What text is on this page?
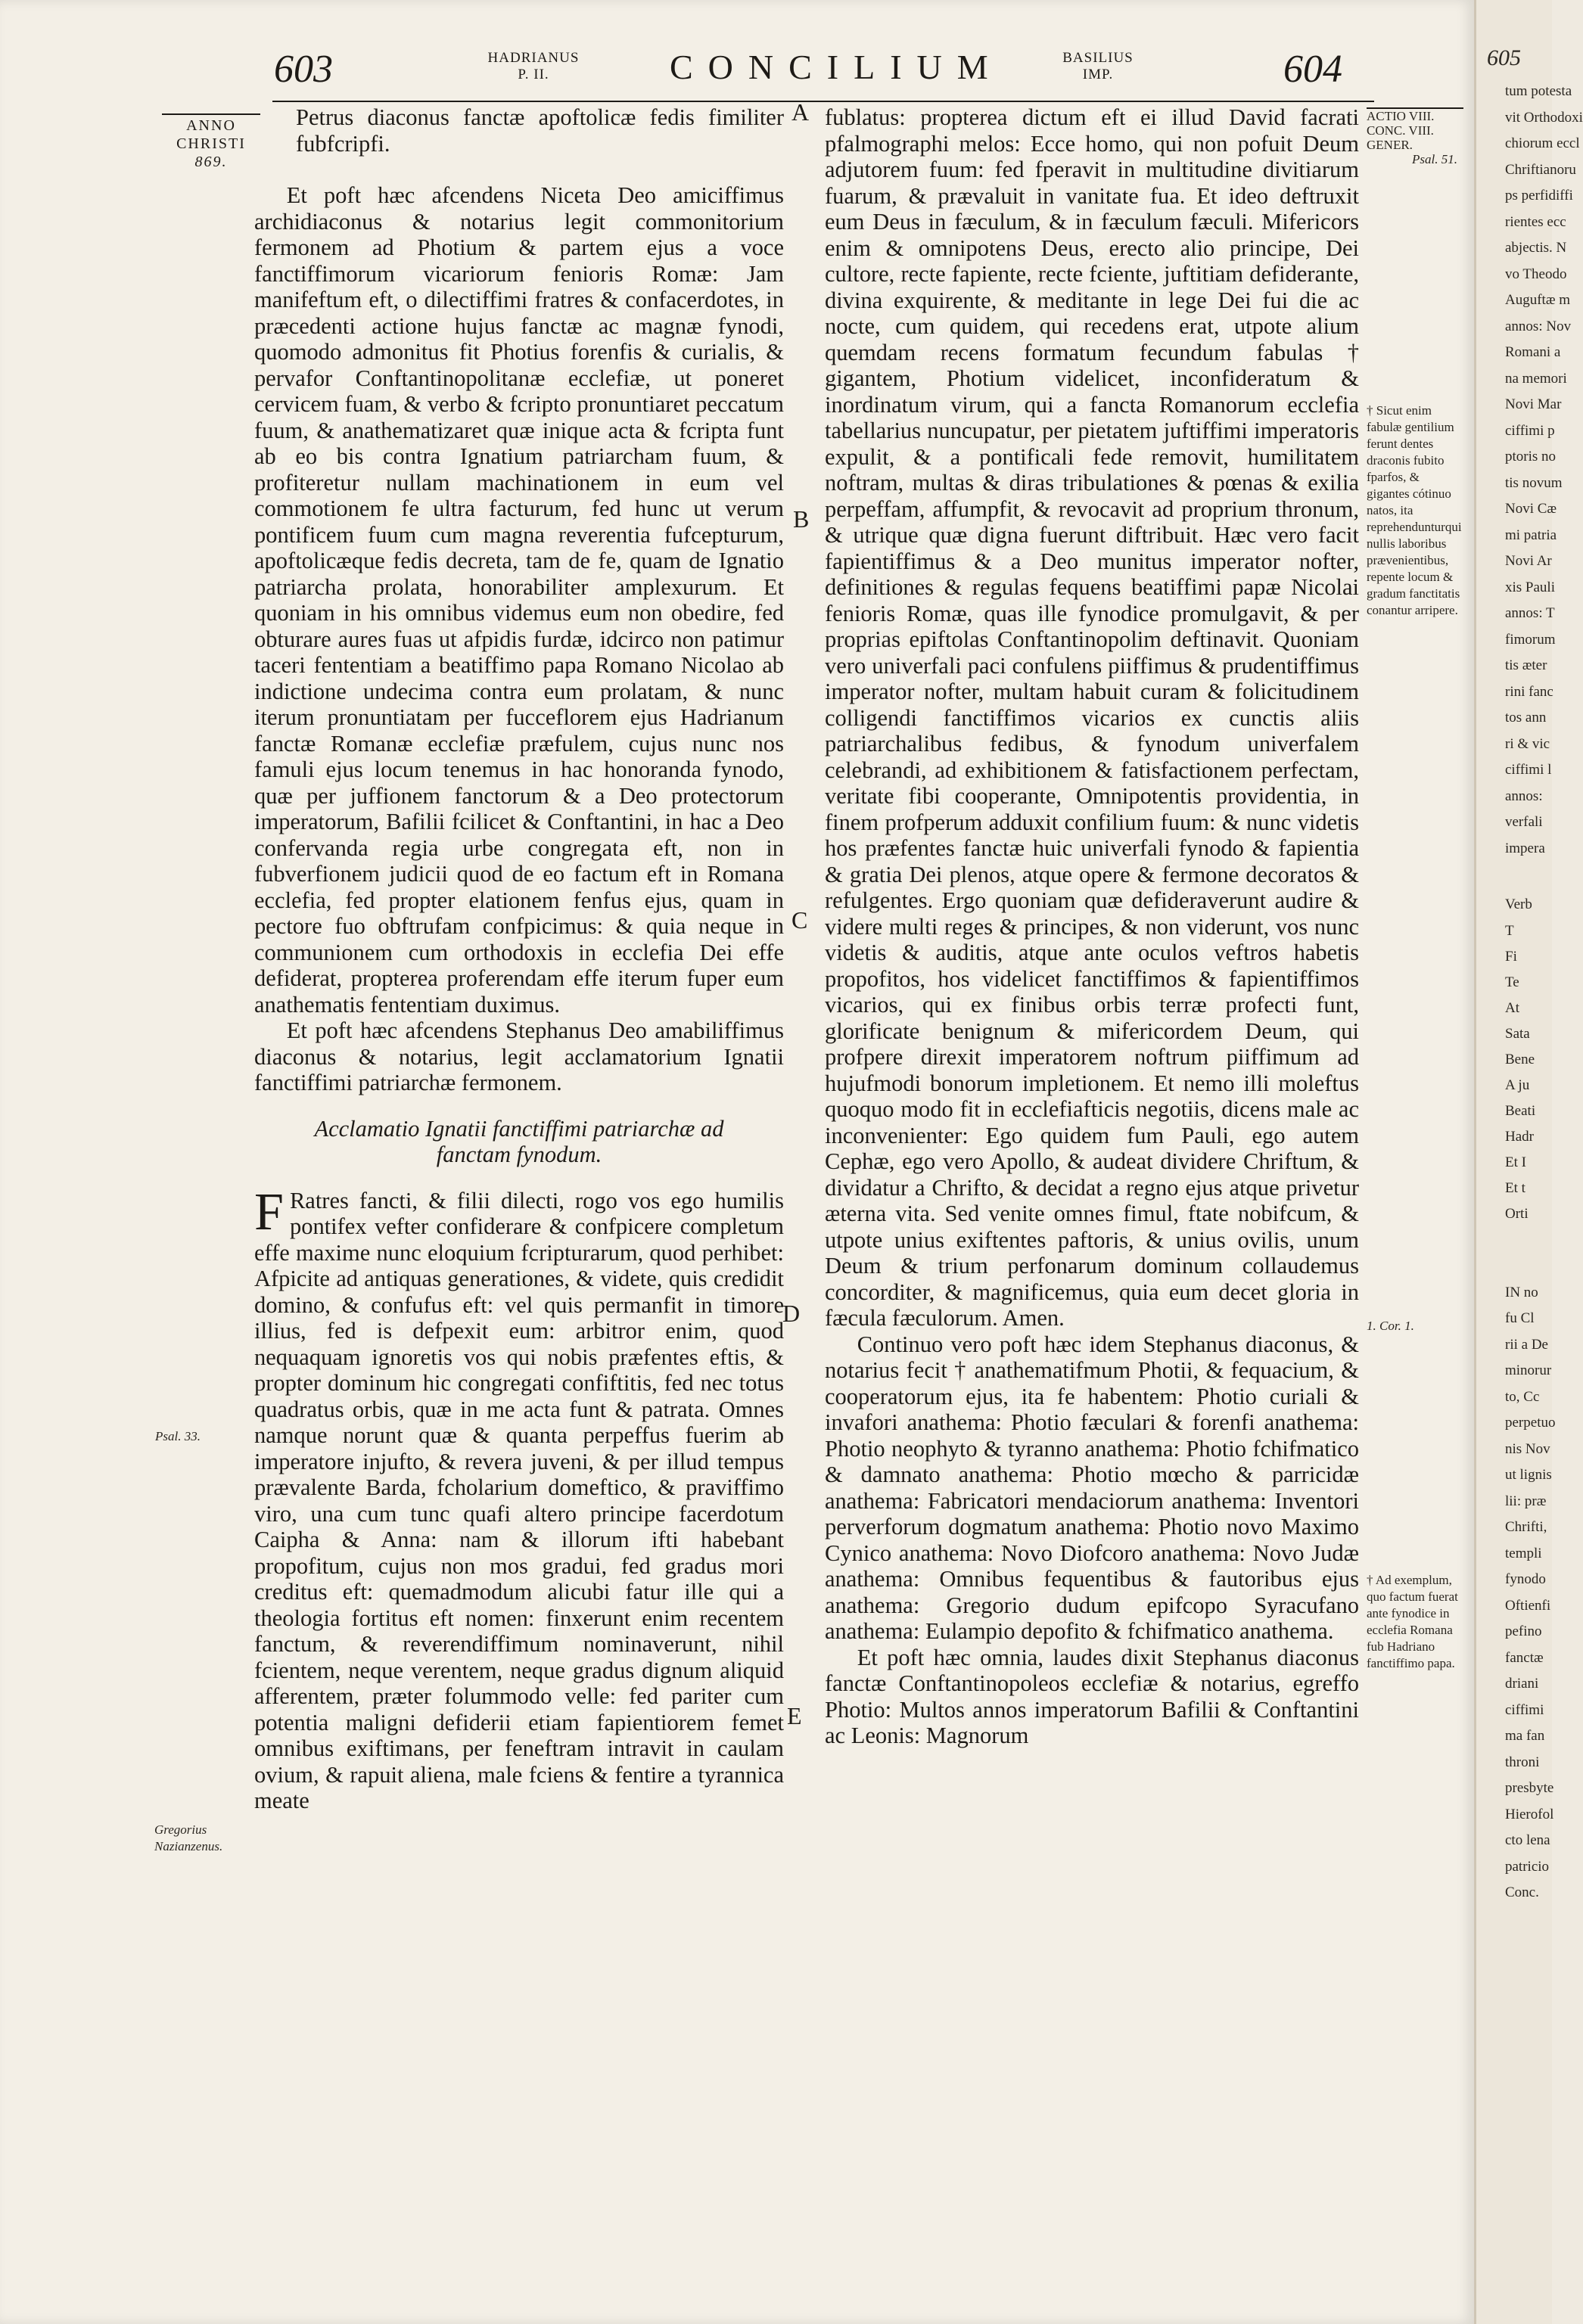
603	HADRIANUS
P. II.	CONCILIUM	BASILIUS
IMP.	604
ANNO
CHRISTI
869.
Psal. 33.
Gregorius Nazianzenus.

Petrus diaconus fanctæ apoftolicæ fedis fimiliter fubfcripfi.

Et poft hæc afcendens Niceta Deo amiciffimus archidiaconus & notarius legit commonitorium fermonem ad Photium & partem ejus a voce fanctiffimorum vicariorum fenioris Romæ: Jam manifeftum eft, o dilectiffimi fratres & confacerdotes, in præcedenti actione hujus fanctæ ac magnæ fynodi, quomodo admonitus fit Photius forenfis & curialis, & pervafor Conftantinopolitanæ ecclefiæ, ut poneret cervicem fuam, & verbo & fcripto pronuntiaret peccatum fuum, & anathematizaret quæ inique acta & fcripta funt ab eo bis contra Ignatium patriarcham fuum, & profiteretur nullam machinationem in eum vel commotionem fe ultra facturum, fed hunc ut verum pontificem fuum cum magna reverentia fufcepturum, apoftolicæque fedis decreta, tam de fe, quam de Ignatio patriarcha prolata, honorabiliter amplexurum. Et quoniam in his omnibus videmus eum non obedire, fed obturare aures fuas ut afpidis furdæ, idcirco non patimur taceri fententiam a beatiffimo papa Romano Nicolao ab indictione undecima contra eum prolatam, & nunc iterum pronuntiatam per fucceflorem ejus Hadrianum fanctæ Romanæ ecclefiæ præfulem, cujus nunc nos famuli ejus locum tenemus in hac honoranda fynodo, quæ per juffionem fanctorum & a Deo protectorum imperatorum, Bafilii fcilicet & Conftantini, in hac a Deo confervanda regia urbe congregata eft, non in fubverfionem judicii quod de eo factum eft in Romana ecclefia, fed propter elationem fenfus ejus, quam in pectore fuo obftrufam confpicimus: & quia neque in communionem cum orthodoxis in ecclefia Dei effe defiderat, propterea proferendam effe iterum fuper eum anathematis fententiam duximus.

Et poft hæc afcendens Stephanus Deo amabiliffimus diaconus & notarius, legit acclamatorium Ignatii fanctiffimi patriarchæ fermonem.

Acclamatio Ignatii fanctiffimi patriarchæ ad fanctam fynodum.

F Ratres fancti, & filii dilecti, rogo vos ego humilis pontifex vefter confiderare & confpicere completum effe maxime nunc eloquium fcripturarum, quod perhibet: Afpicite ad antiquas generationes, & videte, quis credidit domino, & confufus eft: vel quis permanfit in timore illius, fed is defpexit eum: arbitror enim, quod nequaquam ignoretis vos qui nobis præfentes eftis, & propter dominum hic congregati confiftitis, fed nec totus quadratus orbis, quæ in me acta funt & patrata. Omnes namque norunt quæ & quanta perpeffus fuerim ab imperatore injufto, & revera juveni, & per illud tempus prævalente Barda, fcholarium domeftico, & praviffimo viro, una cum tunc quafi altero principe facerdotum Caipha & Anna: nam & illorum ifti habebant propofitum, cujus non mos gradui, fed gradus mori creditus eft: quemadmodum alicubi fatur ille qui a theologia fortitus eft nomen: finxerunt enim recentem fanctum, & reverendiffimum nominaverunt, nihil fcientem, neque verentem, neque gradus dignum aliquid afferentem, præter folummodo velle: fed pariter cum potentia maligni defiderii etiam fapientiorem femet omnibus exiftimans, per feneftram intravit in caulam ovium, & rapuit aliena, male fciens & fentire a tyrannica meate

A
B
C
D
E

fublatus: propterea dictum eft ei illud David facrati pfalmographi melos: Ecce homo, qui non pofuit Deum adjutorem fuum: fed fperavit in multitudine divitiarum fuarum, & prævaluit in vanitate fua. Et ideo deftruxit eum Deus in fæculum, & in fæculum fæculi. Mifericors enim & omnipotens Deus, erecto alio principe, Dei cultore, recte fapiente, recte fciente, juftitiam defiderante, divina exquirente, & meditante in lege Dei fui die ac nocte, cum quidem, qui recedens erat, utpote alium quemdam recens formatum fecundum fabulas † gigantem, Photium videlicet, inconfideratum & inordinatum virum, qui a fancta Romanorum ecclefia tabellarius nuncupatur, per pietatem juftiffimi imperatoris expulit, & a pontificali fede removit, humilitatem noftram, multas & diras tribulationes & pœnas & exilia perpeffam, affumpfit, & revocavit ad proprium thronum, & utrique quæ digna fuerunt diftribuit. Hæc vero facit fapientiffimus & a Deo munitus imperator nofter, definitiones & regulas fequens beatiffimi papæ Nicolai fenioris Romæ, quas ille fynodice promulgavit, & per proprias epiftolas Conftantinopolim deftinavit. Quoniam vero univerfali paci confulens piiffimus & prudentiffimus imperator nofter, multam habuit curam & folicitudinem colligendi fanctiffimos vicarios ex cunctis aliis patriarchalibus fedibus, & fynodum univerfalem celebrandi, ad exhibitionem & fatisfactionem perfectam, veritate fibi cooperante, Omnipotentis providentia, in finem profperum adduxit confilium fuum: & nunc videtis hos præfentes fanctæ huic univerfali fynodo & fapientia & gratia Dei plenos, atque opere & fermone decoratos & refulgentes. Ergo quoniam quæ defideraverunt audire & videre multi reges & principes, & non viderunt, vos nunc videtis & auditis, atque ante oculos veftros habetis propofitos, hos videlicet fanctiffimos & fapientiffimos vicarios, qui ex finibus orbis terræ profecti funt, glorificate benignum & mifericordem Deum, qui profpere direxit imperatorem noftrum piiffimum ad hujufmodi bonorum impletionem. Et nemo illi moleftus quoquo modo fit in ecclefiafticis negotiis, dicens male ac inconvenienter: Ego quidem fum Pauli, ego autem Cephæ, ego vero Apollo, & audeat dividere Chriftum, & dividatur a Chrifto, & decidat a regno ejus atque privetur æterna vita. Sed venite omnes fimul, ftate nobifcum, & utpote unius exiftentes paftoris, & unius ovilis, unum Deum & trium perfonarum dominum collaudemus concorditer, & magnificemus, quia eum decet gloria in fæcula fæculorum. Amen.

Continuo vero poft hæc idem Stephanus diaconus, & notarius fecit † anathematifmum Photii, & fequacium, & cooperatorum ejus, ita fe habentem: Photio curiali & invafori anathema: Photio fæculari & forenfi anathema: Photio neophyto & tyranno anathema: Photio fchifmatico & damnato anathema: Photio mœcho & parricidæ anathema: Fabricatori mendaciorum anathema: Inventori perverforum dogmatum anathema: Photio novo Maximo Cynico anathema: Novo Diofcoro anathema: Novo Judæ anathema: Omnibus fequentibus & fautoribus ejus anathema: Gregorio dudum epifcopo Syracufano anathema: Eulampio depofito & fchifmatico anathema.

Et poft hæc omnia, laudes dixit Stephanus diaconus fanctæ Conftantinopoleos ecclefiæ & notarius, egreffo Photio: Multos annos imperatorum Bafilii & Conftantini ac Leonis: Magnorum

ACTIO VIII.
CONC. VIII.
GENER.
Psal. 51.
† Sicut enim fabulæ gentilium ferunt dentes draconis fubito fparfos, & gigantes cótinuo natos, ita reprehendunturqui nullis laboribus prævenientibus, repente locum & gradum fanctitatis conantur arripere.
1. Cor. 1.
† Ad exemplum, quo factum fuerat ante fynodice in ecclefia Romana fub Hadriano fanctiffimo papa.
605
tum potesta
vit Orthodoxi
chiorum eccl
Chriftianoru
ps perfidiffi
rientes ecc
abjectis. N
vo Theodo
Auguftæ m
annos: Nov
Romani a
na memori
Novi Mar
ciffimi p
ptoris no
tis novum
Novi Cæ
mi patria
Novi Ar
xis Pauli
annos: T
fimorum
tis æter
rini fanc
tos ann
ri & vic
ciffimi l
annos:
verfali
impera
Verb
T
Fi
Te
At
Sata
Bene
A ju
Beati
Hadr
Et I
Et t
Orti
IN no
fu Cl
rii a De
minorur
to, Cc
perpetuo
nis Nov
ut lignis
lii: præ
Chrifti,
templi
fynodo
Oftienfi
pefino
fanctæ
driani
ciffimi
ma fan
throni
presbyte
Hierofol
cto lena
patricio
Conc.
